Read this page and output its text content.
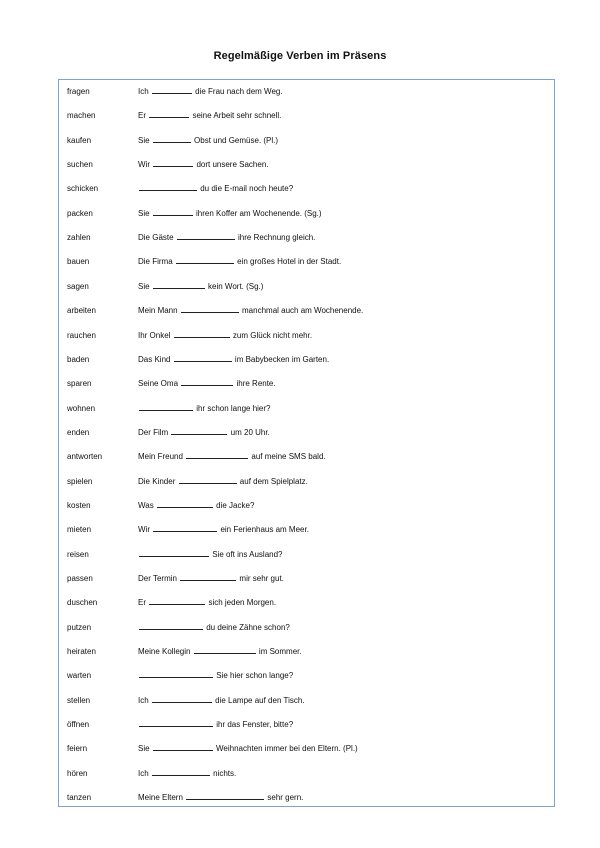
Regelmäßige Verben im Präsens
fragen	Ich	die Frau nach dem Weg.
machen	Er	seine Arbeit sehr schnell.
kaufen	Sie	Obst und Gemüse. (Pl.)
suchen	Wir	dort unsere Sachen.
schicken	du die E-mail noch heute?
packen	Sie	ihren Koffer am Wochenende. (Sg.)
zahlen	Die Gäste	ihre Rechnung gleich.
bauen	Die Firma	ein großes Hotel in der Stadt.
sagen	Sie	kein Wort. (Sg.)
arbeiten	Mein Mann	manchmal auch am Wochenende.
rauchen	Ihr Onkel	zum Glück nicht mehr.
baden	Das Kind	im Babybecken im Garten.
sparen	Seine Oma	ihre Rente.
wohnen	ihr schon lange hier?
enden	Der Film	um 20 Uhr.
antworten	Mein Freund	auf meine SMS bald.
spielen	Die Kinder	auf dem Spielplatz.
kosten	Was	die Jacke?
mieten	Wir	ein Ferienhaus am Meer.
reisen	Sie oft ins Ausland?
passen	Der Termin	mir sehr gut.
duschen	Er	sich jeden Morgen.
putzen	du deine Zähne schon?
heiraten	Meine Kollegin	im Sommer.
warten	Sie hier schon lange?
stellen	Ich	die Lampe auf den Tisch.
öffnen	ihr das Fenster, bitte?
feiern	Sie	Weihnachten immer bei den Eltern. (Pl.)
hören	Ich	nichts.
tanzen	Meine Eltern	sehr gern.
